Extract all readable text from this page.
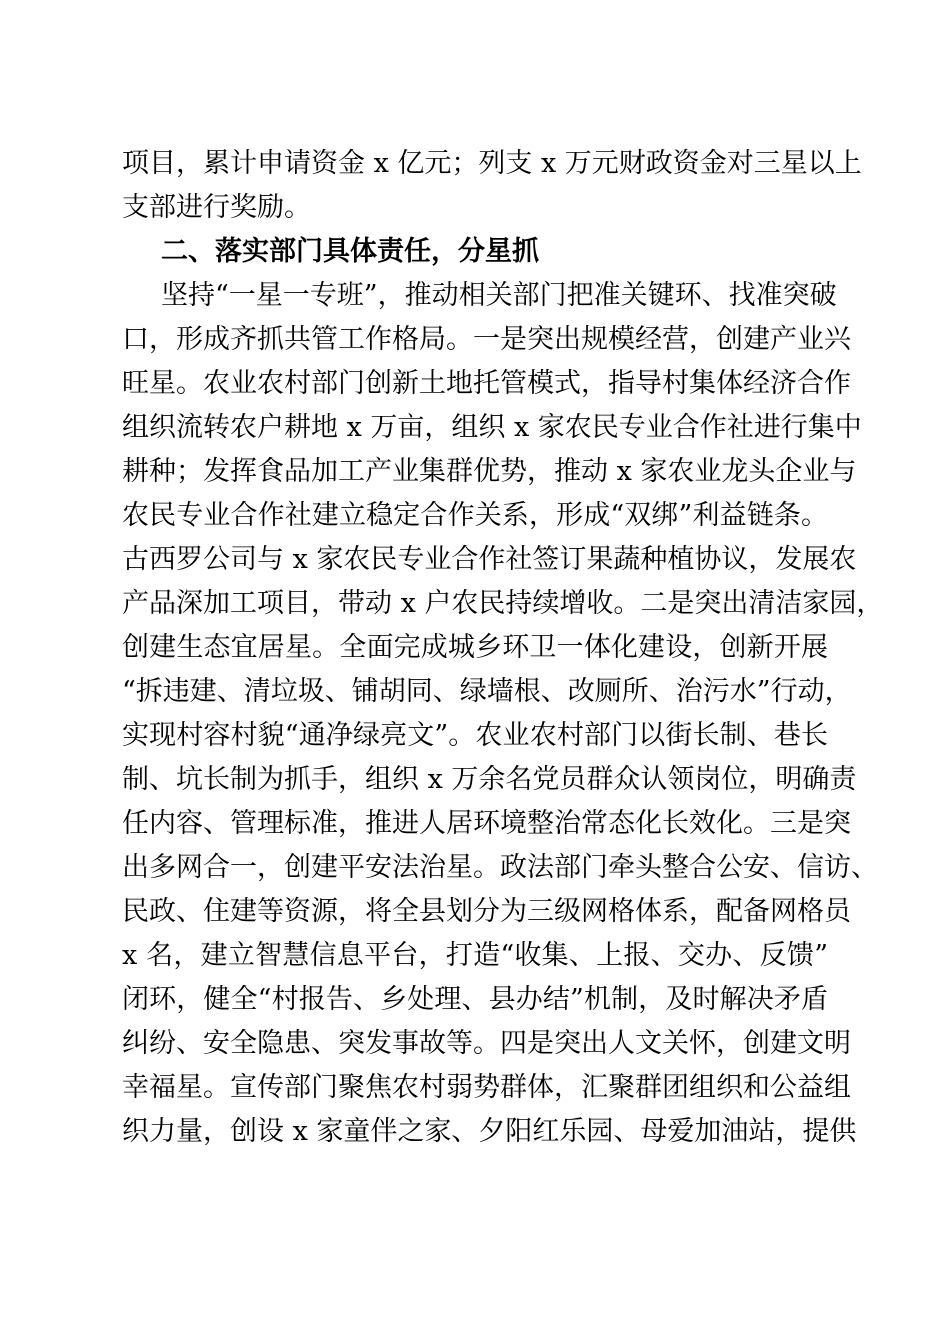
项目，累计申请资金 x 亿元；列支 x 万元财政资金对三星以上
支部进行奖励。
二、落实部门具体责任，分星抓
坚持“一星一专班”，推动相关部门把准关键环、找准突破
口，形成齐抓共管工作格局。一是突出规模经营，创建产业兴
旺星。农业农村部门创新土地托管模式，指导村集体经济合作
组织流转农户耕地 x 万亩，组织 x 家农民专业合作社进行集中
耕种；发挥食品加工产业集群优势，推动 x 家农业龙头企业与
农民专业合作社建立稳定合作关系，形成“双绑”利益链条。
古西罗公司与 x 家农民专业合作社签订果蔬种植协议，发展农
产品深加工项目，带动 x 户农民持续增收。二是突出清洁家园，
创建生态宜居星。全面完成城乡环卫一体化建设，创新开展
“拆违建、清垃圾、铺胡同、绿墙根、改厕所、治污水”行动，
实现村容村貌“通净绿亮文”。农业农村部门以街长制、巷长
制、坑长制为抓手，组织 x 万余名党员群众认领岗位，明确责
任内容、管理标准，推进人居环境整治常态化长效化。三是突
出多网合一，创建平安法治星。政法部门牵头整合公安、信访、
民政、住建等资源，将全县划分为三级网格体系，配备网格员
x 名，建立智慧信息平台，打造“收集、上报、交办、反馈”
闭环，健全“村报告、乡处理、县办结”机制，及时解决矛盾
纠纷、安全隐患、突发事故等。四是突出人文关怀，创建文明
幸福星。宣传部门聚焦农村弱势群体，汇聚群团组织和公益组
织力量，创设 x 家童伴之家、夕阳红乐园、母爱加油站，提供
